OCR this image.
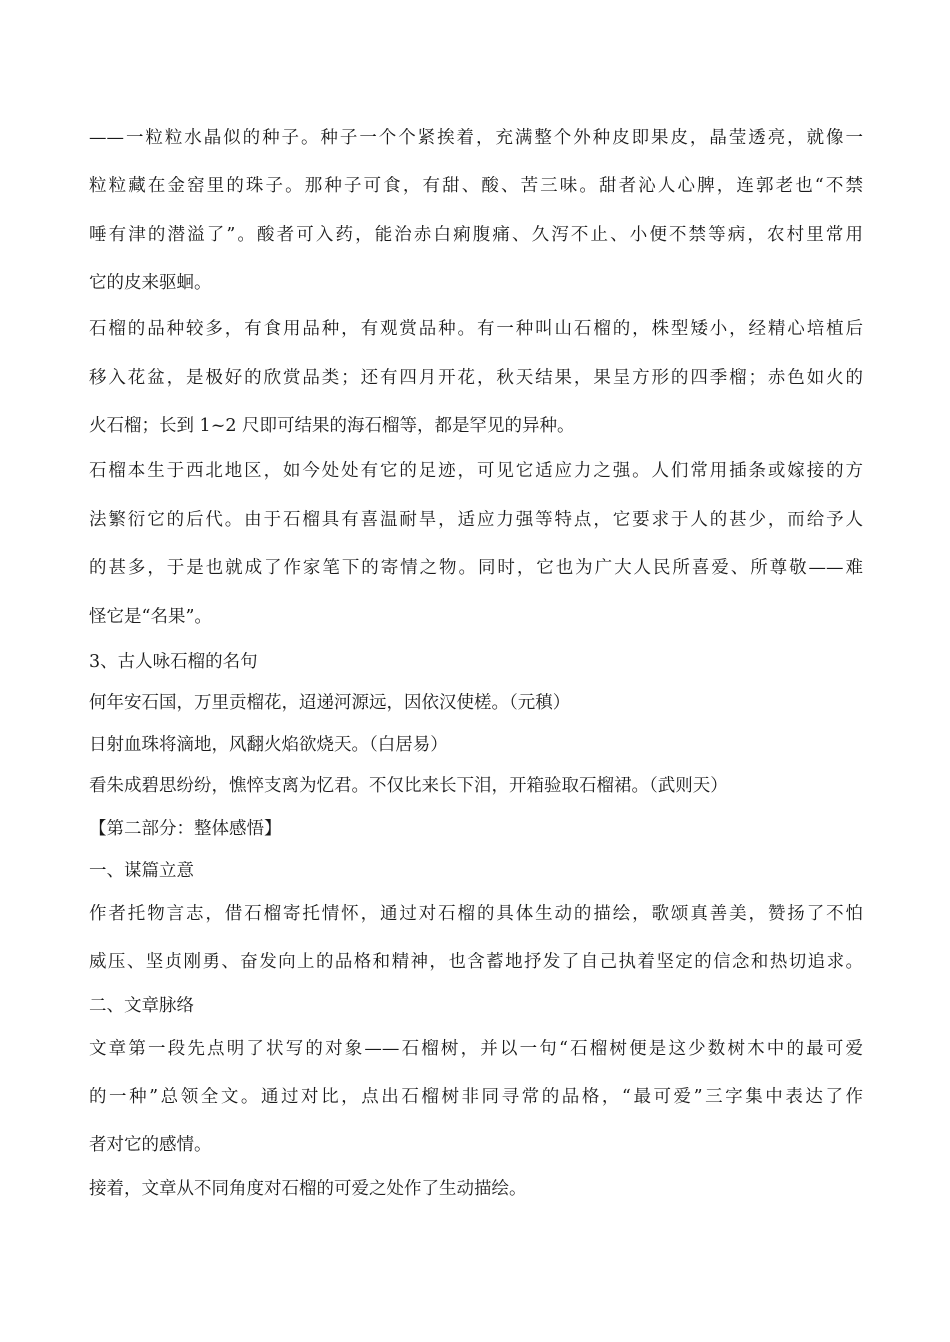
——一粒粒水晶似的种子。种子一个个紧挨着，充满整个外种皮即果皮，晶莹透亮，就像一

粒粒藏在金窑里的珠子。那种子可食，有甜、酸、苦三味。甜者沁人心脾，连郭老也“不禁

唾有津的潜溢了”。酸者可入药，能治赤白痢腹痛、久泻不止、小便不禁等病，农村里常用

它的皮来驱蛔。

石榴的品种较多，有食用品种，有观赏品种。有一种叫山石榴的，株型矮小，经精心培植后

移入花盆，是极好的欣赏品类；还有四月开花，秋天结果，果呈方形的四季榴；赤色如火的

火石榴；长到 1~2 尺即可结果的海石榴等，都是罕见的异种。

石榴本生于西北地区，如今处处有它的足迹，可见它适应力之强。人们常用插条或嫁接的方

法繁衍它的后代。由于石榴具有喜温耐旱，适应力强等特点，它要求于人的甚少，而给予人

的甚多，于是也就成了作家笔下的寄情之物。同时，它也为广大人民所喜爱、所尊敬——难

怪它是“名果”。

3、古人咏石榴的名句

何年安石国，万里贡榴花，迢递河源远，因依汉使槎。（元稹）

日射血珠将滴地，风翻火焰欲烧天。（白居易）

看朱成碧思纷纷，憔悴支离为忆君。不仅比来长下泪，开箱验取石榴裙。（武则天）

【第二部分：整体感悟】

一、谋篇立意

作者托物言志，借石榴寄托情怀，通过对石榴的具体生动的描绘，歌颂真善美，赞扬了不怕

威压、坚贞刚勇、奋发向上的品格和精神，也含蓄地抒发了自己执着坚定的信念和热切追求。

二、文章脉络

文章第一段先点明了状写的对象——石榴树，并以一句“石榴树便是这少数树木中的最可爱

的一种”总领全文。通过对比，点出石榴树非同寻常的品格，“最可爱”三字集中表达了作

者对它的感情。

接着，文章从不同角度对石榴的可爱之处作了生动描绘。
